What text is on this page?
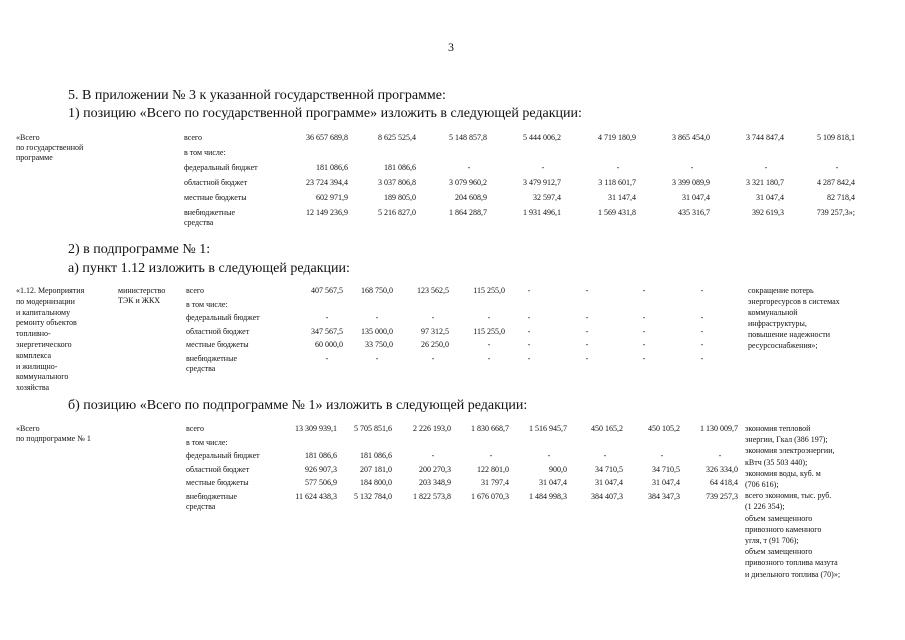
3
5. В приложении № 3 к указанной государственной программе:
1) позицию «Всего по государственной программе» изложить в следующей редакции:
«Всего
по государственной
программе
всего	36 657 689,8	8 625 525,4	5 148 857,8	5 444 006,2	4 719 180,9	3 865 454,0	3 744 847,4	5 109 818,1
в том числе:
федеральный бюджет	181 086,6	181 086,6	-	-	-	-	-	-
областной бюджет	23 724 394,4	3 037 806,8	3 079 960,2	3 479 912,7	3 118 601,7	3 399 089,9	3 321 180,7	4 287 842,4
местные бюджеты	602 971,9	189 805,0	204 608,9	32 597,4	31 147,4	31 047,4	31 047,4	82 718,4
внебюджетные
средства
12 149 236,9	5 216 827,0	1 864 288,7	1 931 496,1	1 569 431,8	435 316,7	392 619,3	739 257,3»;
2) в подпрограмме № 1:
а) пункт 1.12 изложить в следующей редакции:
«1.12. Мероприятия
по модернизации
и капитальному
ремонту объектов
топливно-
энергетического
комплекса
и жилищно-
коммунального
хозяйства
министерство
ТЭК и ЖКХ
всего	407 567,5	168 750,0	123 562,5	115 255,0	-	-	-	-
в том числе:
федеральный бюджет	-	-	-	-	-	-	-	-
областной бюджет	347 567,5	135 000,0	97 312,5	115 255,0	-	-	-	-
местные бюджеты	60 000,0	33 750,0	26 250,0	-	-	-	-	-
внебюджетные
средства
-	-	-	-	-	-	-	-
сокращение потерь
энергоресурсов в системах
коммунальной
инфраструктуры,
повышение надежности
ресурсоснабжения»;
б) позицию «Всего по подпрограмме № 1» изложить в следующей редакции:
«Всего
по подпрограмме № 1
всего	13 309 939,1	5 705 851,6	2 226 193,0	1 830 668,7	1 516 945,7	450 165,2	450 105,2	1 130 009,7
в том числе:
федеральный бюджет	181 086,6	181 086,6	-	-	-	-	-	-
областной бюджет	926 907,3	207 181,0	200 270,3	122 801,0	900,0	34 710,5	34 710,5	326 334,0
местные бюджеты	577 506,9	184 800,0	203 348,9	31 797,4	31 047,4	31 047,4	31 047,4	64 418,4
внебюджетные
средства
11 624 438,3	5 132 784,0	1 822 573,8	1 676 070,3	1 484 998,3	384 407,3	384 347,3	739 257,3
экономия тепловой
энергии, Гкал (386 197);
экономия электроэнергии,
кВтч (35 503 440);
экономия воды, куб. м
(706 616);
всего экономия, тыс. руб.
(1 226 354);
объем замещенного
привозного каменного
угля, т (91 706);
объем замещенного
привозного топлива мазута
и дизельного топлива (70)»;
